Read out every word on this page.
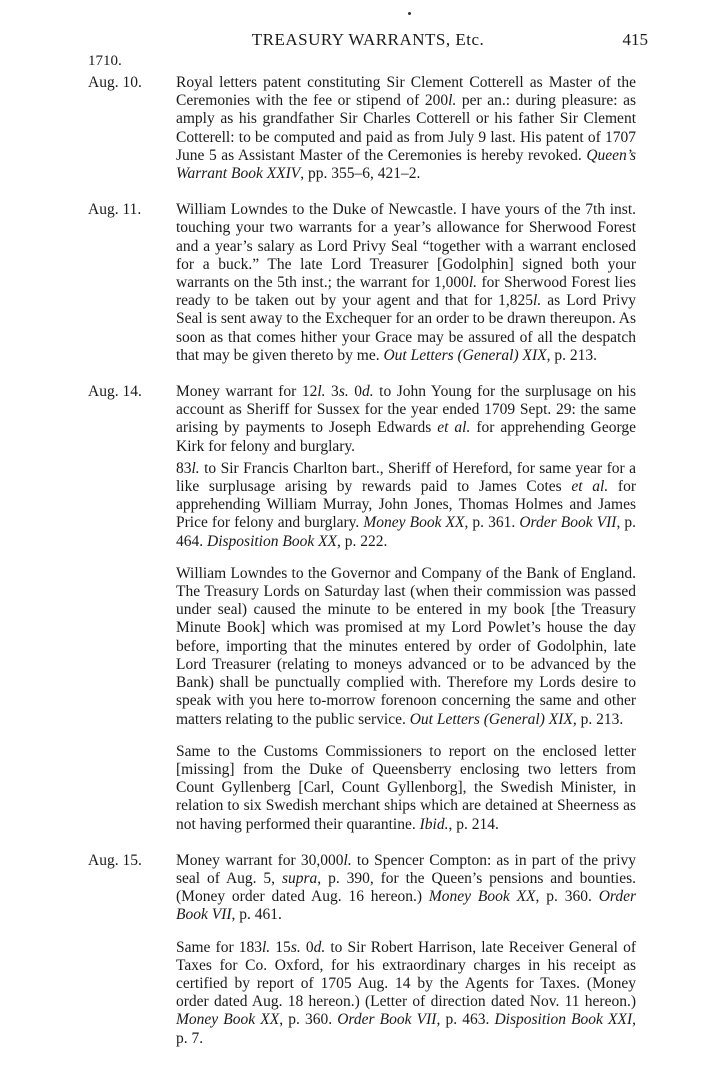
TREASURY WARRANTS, Etc.	415
1710.
Aug. 10.	Royal letters patent constituting Sir Clement Cotterell as Master of the Ceremonies with the fee or stipend of 200l. per an.: during pleasure: as amply as his grandfather Sir Charles Cotterell or his father Sir Clement Cotterell: to be computed and paid as from July 9 last. His patent of 1707 June 5 as Assistant Master of the Ceremonies is hereby revoked. Queen’s Warrant Book XXIV, pp. 355–6, 421–2.

Aug. 11.	William Lowndes to the Duke of Newcastle. I have yours of the 7th inst. touching your two warrants for a year’s allowance for Sherwood Forest and a year’s salary as Lord Privy Seal “together with a warrant enclosed for a buck.” The late Lord Treasurer [Godolphin] signed both your warrants on the 5th inst.; the warrant for 1,000l. for Sherwood Forest lies ready to be taken out by your agent and that for 1,825l. as Lord Privy Seal is sent away to the Exchequer for an order to be drawn thereupon. As soon as that comes hither your Grace may be assured of all the despatch that may be given thereto by me. Out Letters (General) XIX, p. 213.

Aug. 14.	Money warrant for 12l. 3s. 0d. to John Young for the surplusage on his account as Sheriff for Sussex for the year ended 1709 Sept. 29: the same arising by payments to Joseph Edwards et al. for apprehending George Kirk for felony and burglary.

83l. to Sir Francis Charlton bart., Sheriff of Hereford, for same year for a like surplusage arising by rewards paid to James Cotes et al. for apprehending William Murray, John Jones, Thomas Holmes and James Price for felony and burglary. Money Book XX, p. 361. Order Book VII, p. 464. Disposition Book XX, p. 222.

William Lowndes to the Governor and Company of the Bank of England. The Treasury Lords on Saturday last (when their commission was passed under seal) caused the minute to be entered in my book [the Treasury Minute Book] which was promised at my Lord Powlet’s house the day before, importing that the minutes entered by order of Godolphin, late Lord Treasurer (relating to moneys advanced or to be advanced by the Bank) shall be punctually complied with. Therefore my Lords desire to speak with you here to-morrow forenoon concerning the same and other matters relating to the public service. Out Letters (General) XIX, p. 213.

Same to the Customs Commissioners to report on the enclosed letter [missing] from the Duke of Queensberry enclosing two letters from Count Gyllenberg [Carl, Count Gyllenborg], the Swedish Minister, in relation to six Swedish merchant ships which are detained at Sheerness as not having performed their quarantine. Ibid., p. 214.

Aug. 15.	Money warrant for 30,000l. to Spencer Compton: as in part of the privy seal of Aug. 5, supra, p. 390, for the Queen’s pensions and bounties. (Money order dated Aug. 16 hereon.) Money Book XX, p. 360. Order Book VII, p. 461.

Same for 183l. 15s. 0d. to Sir Robert Harrison, late Receiver General of Taxes for Co. Oxford, for his extraordinary charges in his receipt as certified by report of 1705 Aug. 14 by the Agents for Taxes. (Money order dated Aug. 18 hereon.) (Letter of direction dated Nov. 11 hereon.) Money Book XX, p. 360. Order Book VII, p. 463. Disposition Book XXI, p. 7.
